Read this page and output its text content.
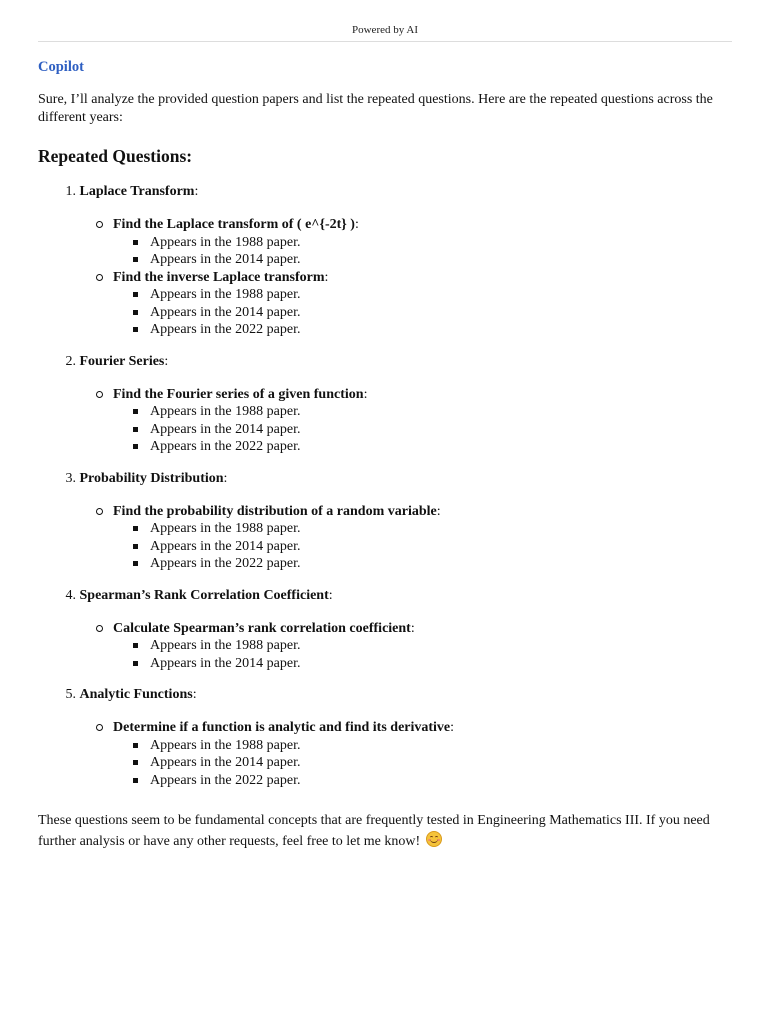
Powered by AI
Copilot
Sure, I’ll analyze the provided question papers and list the repeated questions. Here are the repeated questions across the different years:
Repeated Questions:
1. Laplace Transform:
Find the Laplace transform of ( e^{-2t} ):
Appears in the 1988 paper.
Appears in the 2014 paper.
Find the inverse Laplace transform:
Appears in the 1988 paper.
Appears in the 2014 paper.
Appears in the 2022 paper.
2. Fourier Series:
Find the Fourier series of a given function:
Appears in the 1988 paper.
Appears in the 2014 paper.
Appears in the 2022 paper.
3. Probability Distribution:
Find the probability distribution of a random variable:
Appears in the 1988 paper.
Appears in the 2014 paper.
Appears in the 2022 paper.
4. Spearman’s Rank Correlation Coefficient:
Calculate Spearman’s rank correlation coefficient:
Appears in the 1988 paper.
Appears in the 2014 paper.
5. Analytic Functions:
Determine if a function is analytic and find its derivative:
Appears in the 1988 paper.
Appears in the 2014 paper.
Appears in the 2022 paper.
These questions seem to be fundamental concepts that are frequently tested in Engineering Mathematics III. If you need further analysis or have any other requests, feel free to let me know!
